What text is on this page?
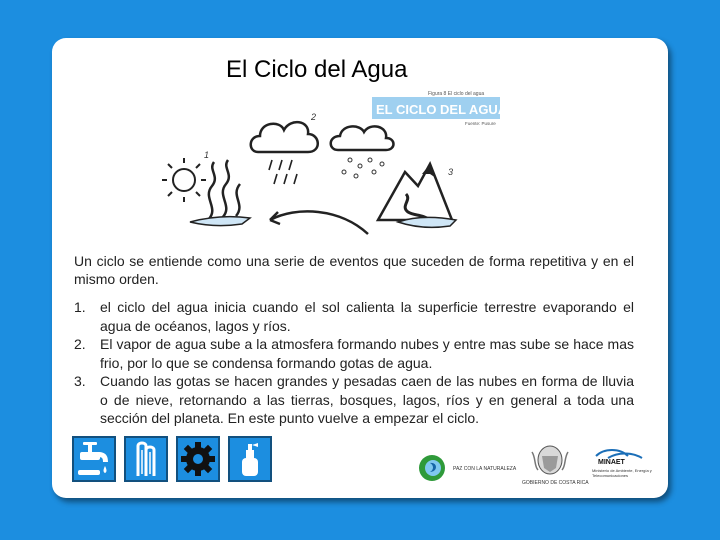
El Ciclo del Agua
Figura 8 El ciclo del agua
EL CICLO DEL AGUA
Fuente: Pusure
1
2
3
Un ciclo se entiende como una serie de eventos que suceden de forma repetitiva y en el mismo orden.
1. el ciclo del agua inicia cuando el sol calienta la superficie terrestre evaporando el agua de océanos, lagos y ríos.
2. El vapor de agua sube a la atmosfera formando nubes y entre mas sube se hace mas frio, por lo que se condensa formando gotas de agua.
3. Cuando las gotas se hacen grandes y pesadas caen de las nubes en forma de lluvia o de nieve, retornando a las tierras, bosques, lagos, ríos y en general a toda una sección del planeta. En este punto vuelve a empezar el ciclo.
PAZ CON LA NATURALEZA
GOBIERNO DE COSTA RICA
MINAET
Ministerio de Ambiente, Energía y Telecomunicaciones
